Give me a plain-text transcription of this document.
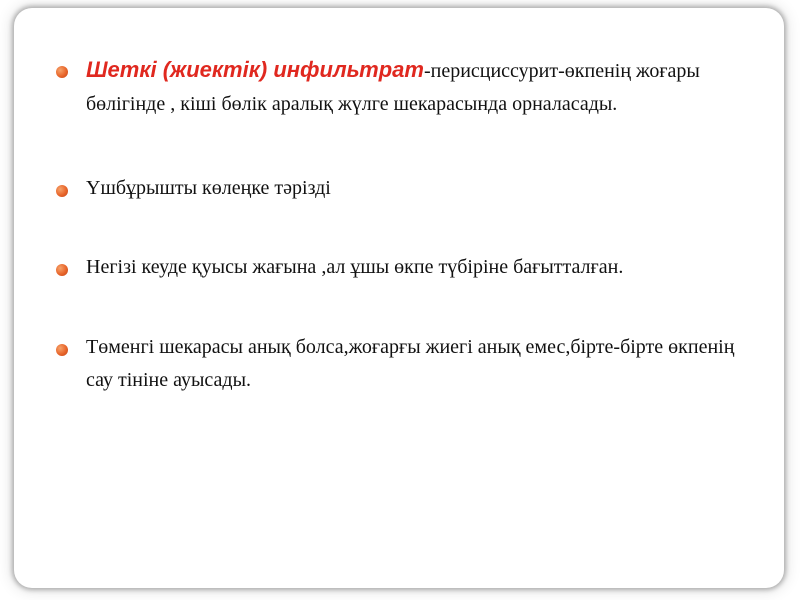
Шеткі (жиектік) инфильтрат-перисциссурит-өкпенің жоғары бөлігінде , кіші бөлік аралық жүлге шекарасында орналасады.
Үшбұрышты көлеңке тәрізді
Негізі кеуде қуысы жағына ,ал ұшы өкпе түбіріне бағытталған.
Төменгі шекарасы анық болса,жоғарғы жиегі анық емес,бірте-бірте өкпенің сау тініне ауысады.
